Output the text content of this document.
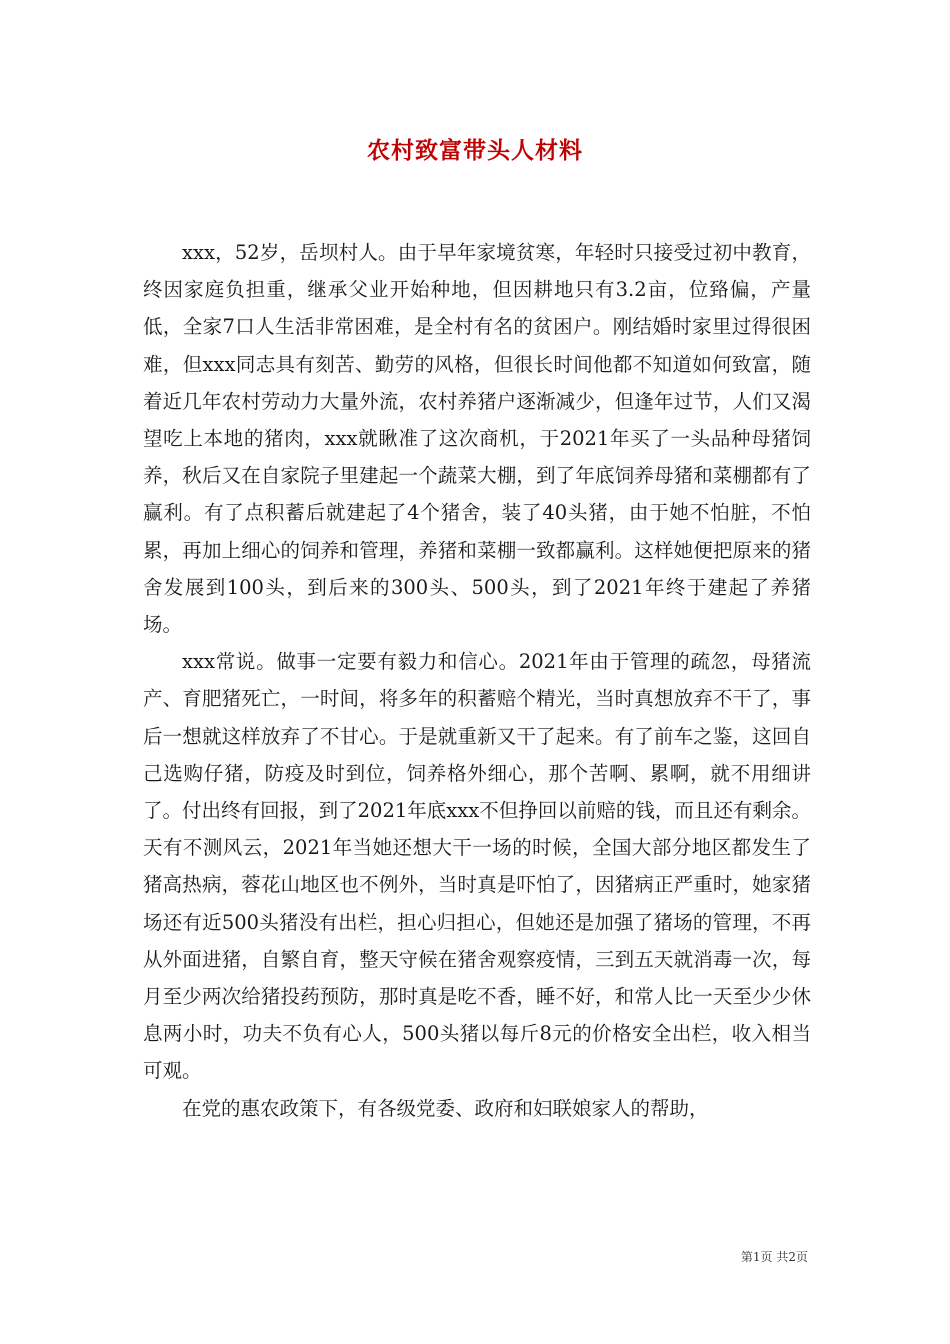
农村致富带头人材料

xxx，52岁，岳坝村人。由于早年家境贫寒，年轻时只接受过初中教育，终因家庭负担重，继承父业开始种地，但因耕地只有3.2亩，位臵偏，产量低，全家7口人生活非常困难，是全村有名的贫困户。刚结婚时家里过得很困难，但xxx同志具有刻苦、勤劳的风格，但很长时间他都不知道如何致富，随着近几年农村劳动力大量外流，农村养猪户逐渐减少，但逢年过节，人们又渴望吃上本地的猪肉，xxx就瞅准了这次商机，于2021年买了一头品种母猪饲养，秋后又在自家院子里建起一个蔬菜大棚，到了年底饲养母猪和菜棚都有了赢利。有了点积蓄后就建起了4个猪舍，装了40头猪，由于她不怕脏，不怕累，再加上细心的饲养和管理，养猪和菜棚一致都赢利。这样她便把原来的猪舍发展到100头，到后来的300头、500头，到了2021年终于建起了养猪场。

xxx常说。做事一定要有毅力和信心。2021年由于管理的疏忽，母猪流产、育肥猪死亡，一时间，将多年的积蓄赔个精光，当时真想放弃不干了，事后一想就这样放弃了不甘心。于是就重新又干了起来。有了前车之鉴，这回自己选购仔猪，防疫及时到位，饲养格外细心，那个苦啊、累啊，就不用细讲了。付出终有回报，到了2021年底xxx不但挣回以前赔的钱，而且还有剩余。天有不测风云，2021年当她还想大干一场的时候，全国大部分地区都发生了猪高热病，蓉花山地区也不例外，当时真是吓怕了，因猪病正严重时，她家猪场还有近500头猪没有出栏，担心归担心，但她还是加强了猪场的管理，不再从外面进猪，自繁自育，整天守候在猪舍观察疫情，三到五天就消毒一次，每月至少两次给猪投药预防，那时真是吃不香，睡不好，和常人比一天至少少休息两小时，功夫不负有心人，500头猪以每斤8元的价格安全出栏，收入相当可观。

在党的惠农政策下，有各级党委、政府和妇联娘家人的帮助，

第1页 共2页
